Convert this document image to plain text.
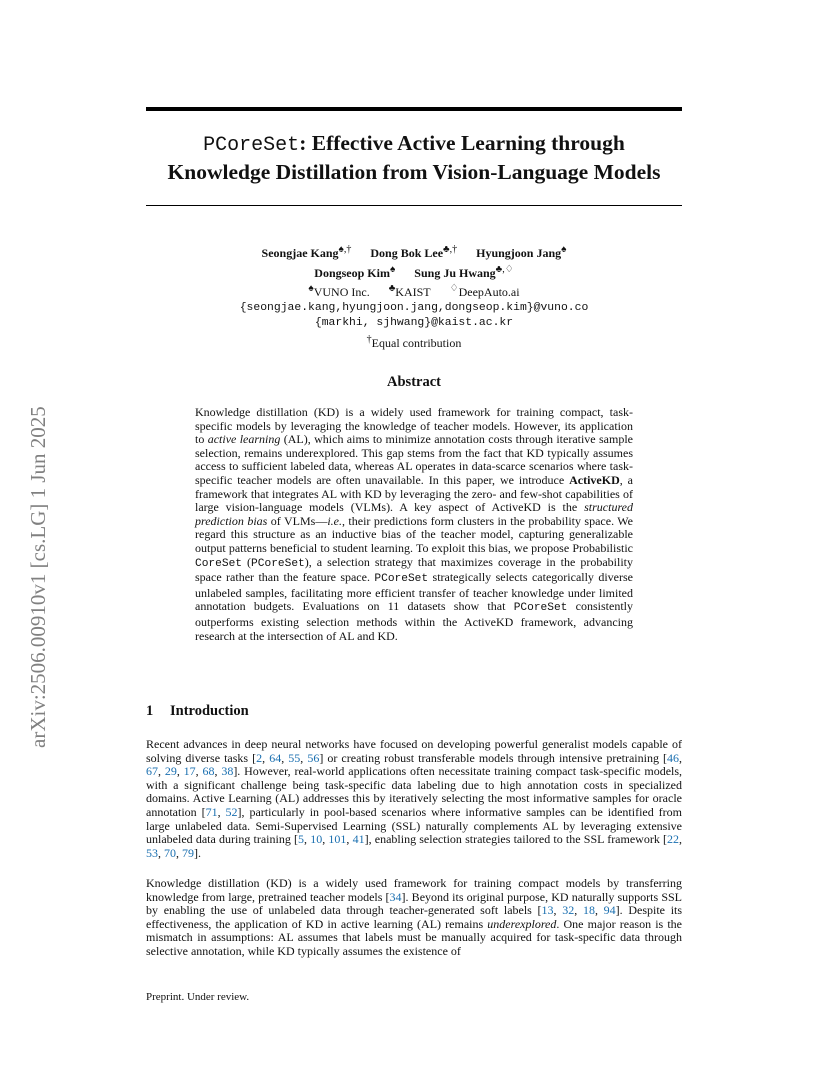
arXiv:2506.00910v1 [cs.LG] 1 Jun 2025
PCoreSet: Effective Active Learning through
Knowledge Distillation from Vision-Language Models
Seongjae Kang♠,† Dong Bok Lee♣,† Hyungjoon Jang♠
Dongseop Kim♠ Sung Ju Hwang♣,♢
♠VUNO Inc. ♣KAIST ♢DeepAuto.ai
{seongjae.kang,hyungjoon.jang,dongseop.kim}@vuno.co
{markhi, sjhwang}@kaist.ac.kr
†Equal contribution
Abstract

Knowledge distillation (KD) is a widely used framework for training compact, task-specific models by leveraging the knowledge of teacher models. However, its application to active learning (AL), which aims to minimize annotation costs through iterative sample selection, remains underexplored. This gap stems from the fact that KD typically assumes access to sufficient labeled data, whereas AL operates in data-scarce scenarios where task-specific teacher models are often unavailable. In this paper, we introduce ActiveKD, a framework that integrates AL with KD by leveraging the zero- and few-shot capabilities of large vision-language models (VLMs). A key aspect of ActiveKD is the structured prediction bias of VLMs—i.e., their predictions form clusters in the probability space. We regard this structure as an inductive bias of the teacher model, capturing generalizable output patterns beneficial to student learning. To exploit this bias, we propose Probabilistic CoreSet (PCoreSet), a selection strategy that maximizes coverage in the probability space rather than the feature space. PCoreSet strategically selects categorically diverse unlabeled samples, facilitating more efficient transfer of teacher knowledge under limited annotation budgets. Evaluations on 11 datasets show that PCoreSet consistently outperforms existing selection methods within the ActiveKD framework, advancing research at the intersection of AL and KD.

1 Introduction

Recent advances in deep neural networks have focused on developing powerful generalist models capable of solving diverse tasks [2, 64, 55, 56] or creating robust transferable models through intensive pretraining [46, 67, 29, 17, 68, 38]. However, real-world applications often necessitate training compact task-specific models, with a significant challenge being task-specific data labeling due to high annotation costs in specialized domains. Active Learning (AL) addresses this by iteratively selecting the most informative samples for oracle annotation [71, 52], particularly in pool-based scenarios where informative samples can be identified from large unlabeled data. Semi-Supervised Learning (SSL) naturally complements AL by leveraging extensive unlabeled data during training [5, 10, 101, 41], enabling selection strategies tailored to the SSL framework [22, 53, 70, 79].

Knowledge distillation (KD) is a widely used framework for training compact models by transferring knowledge from large, pretrained teacher models [34]. Beyond its original purpose, KD naturally supports SSL by enabling the use of unlabeled data through teacher-generated soft labels [13, 32, 18, 94]. Despite its effectiveness, the application of KD in active learning (AL) remains underexplored. One major reason is the mismatch in assumptions: AL assumes that labels must be manually acquired for task-specific data through selective annotation, while KD typically assumes the existence of

Preprint. Under review.
